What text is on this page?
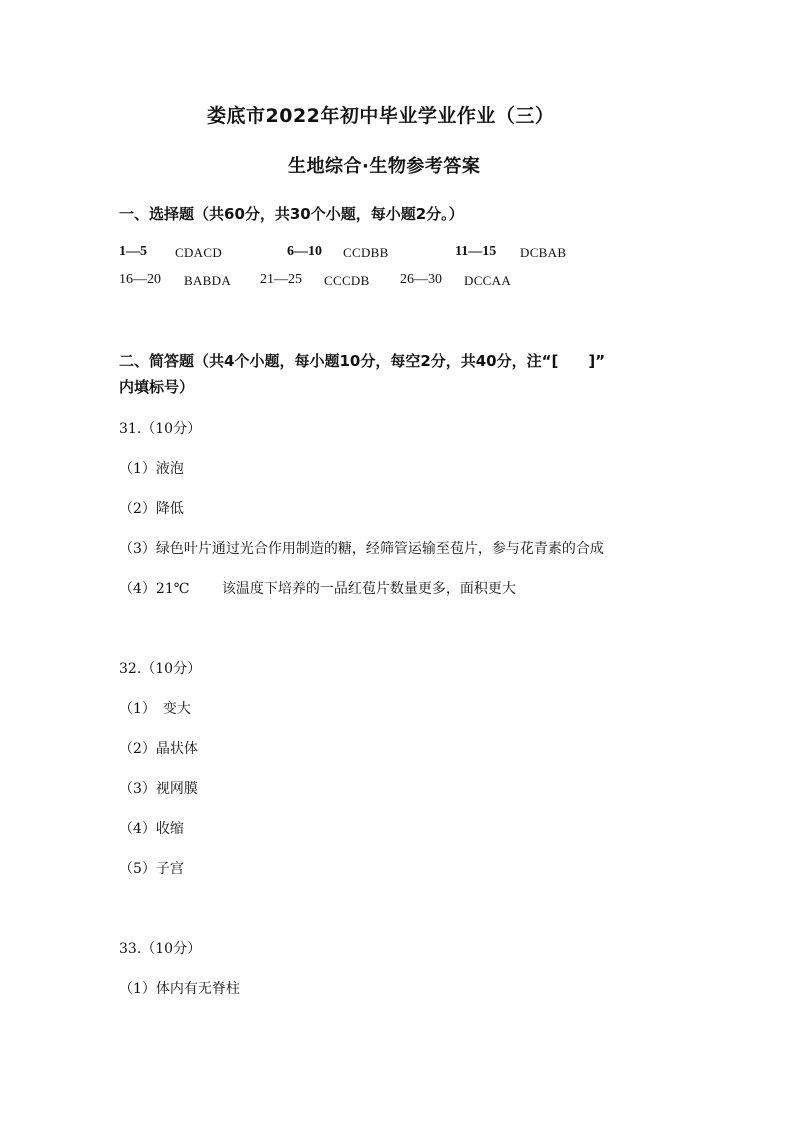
娄底市2022年初中毕业学业作业（三）
生地综合·生物参考答案
一、选择题（共60分，共30个小题，每小题2分。）
1—5 CDACD	6—10 CCDBB	11—15 DCBAB
16—20 BABDA 21—25 CCCDB 26—30 DCCAA
二、简答题（共4个小题，每小题10分，每空2分，共40分，注“[　　]”
内填标号）
31.（10分）
（1）液泡
（2）降低
（3）绿色叶片通过光合作用制造的糖，经筛管运输至苞片，参与花青素的合成
（4）21℃　　 该温度下培养的一品红苞片数量更多，面积更大
32.（10分）
（1）　变大
（2）晶状体
（3）视网膜
（4）收缩
（5）子宫
33.（10分）
（1）体内有无脊柱
